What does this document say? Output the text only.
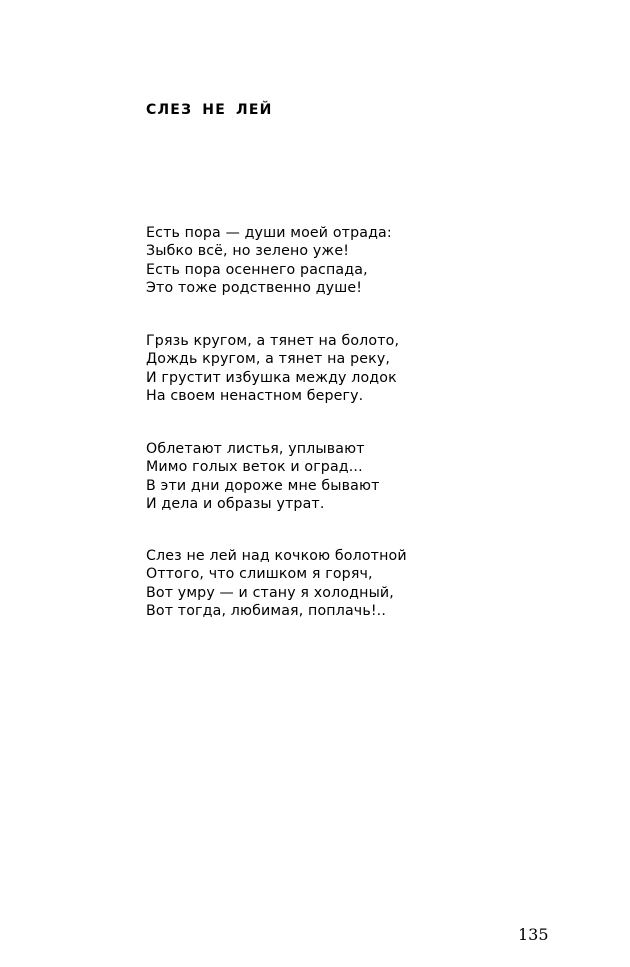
СЛЕЗ НЕ ЛЕЙ

Есть пора — души моей отрада:
Зыбко всё, но зелено уже!
Есть пора осеннего распада,
Это тоже родственно душе!

Грязь кругом, а тянет на болото,
Дождь кругом, а тянет на реку,
И грустит избушка между лодок
На своем ненастном берегу.

Облетают листья, уплывают
Мимо голых веток и оград...
В эти дни дороже мне бывают
И дела и образы утрат.

Слез не лей над кочкою болотной
Оттого, что слишком я горяч,
Вот умру — и стану я холодный,
Вот тогда, любимая, поплачь!..

135
